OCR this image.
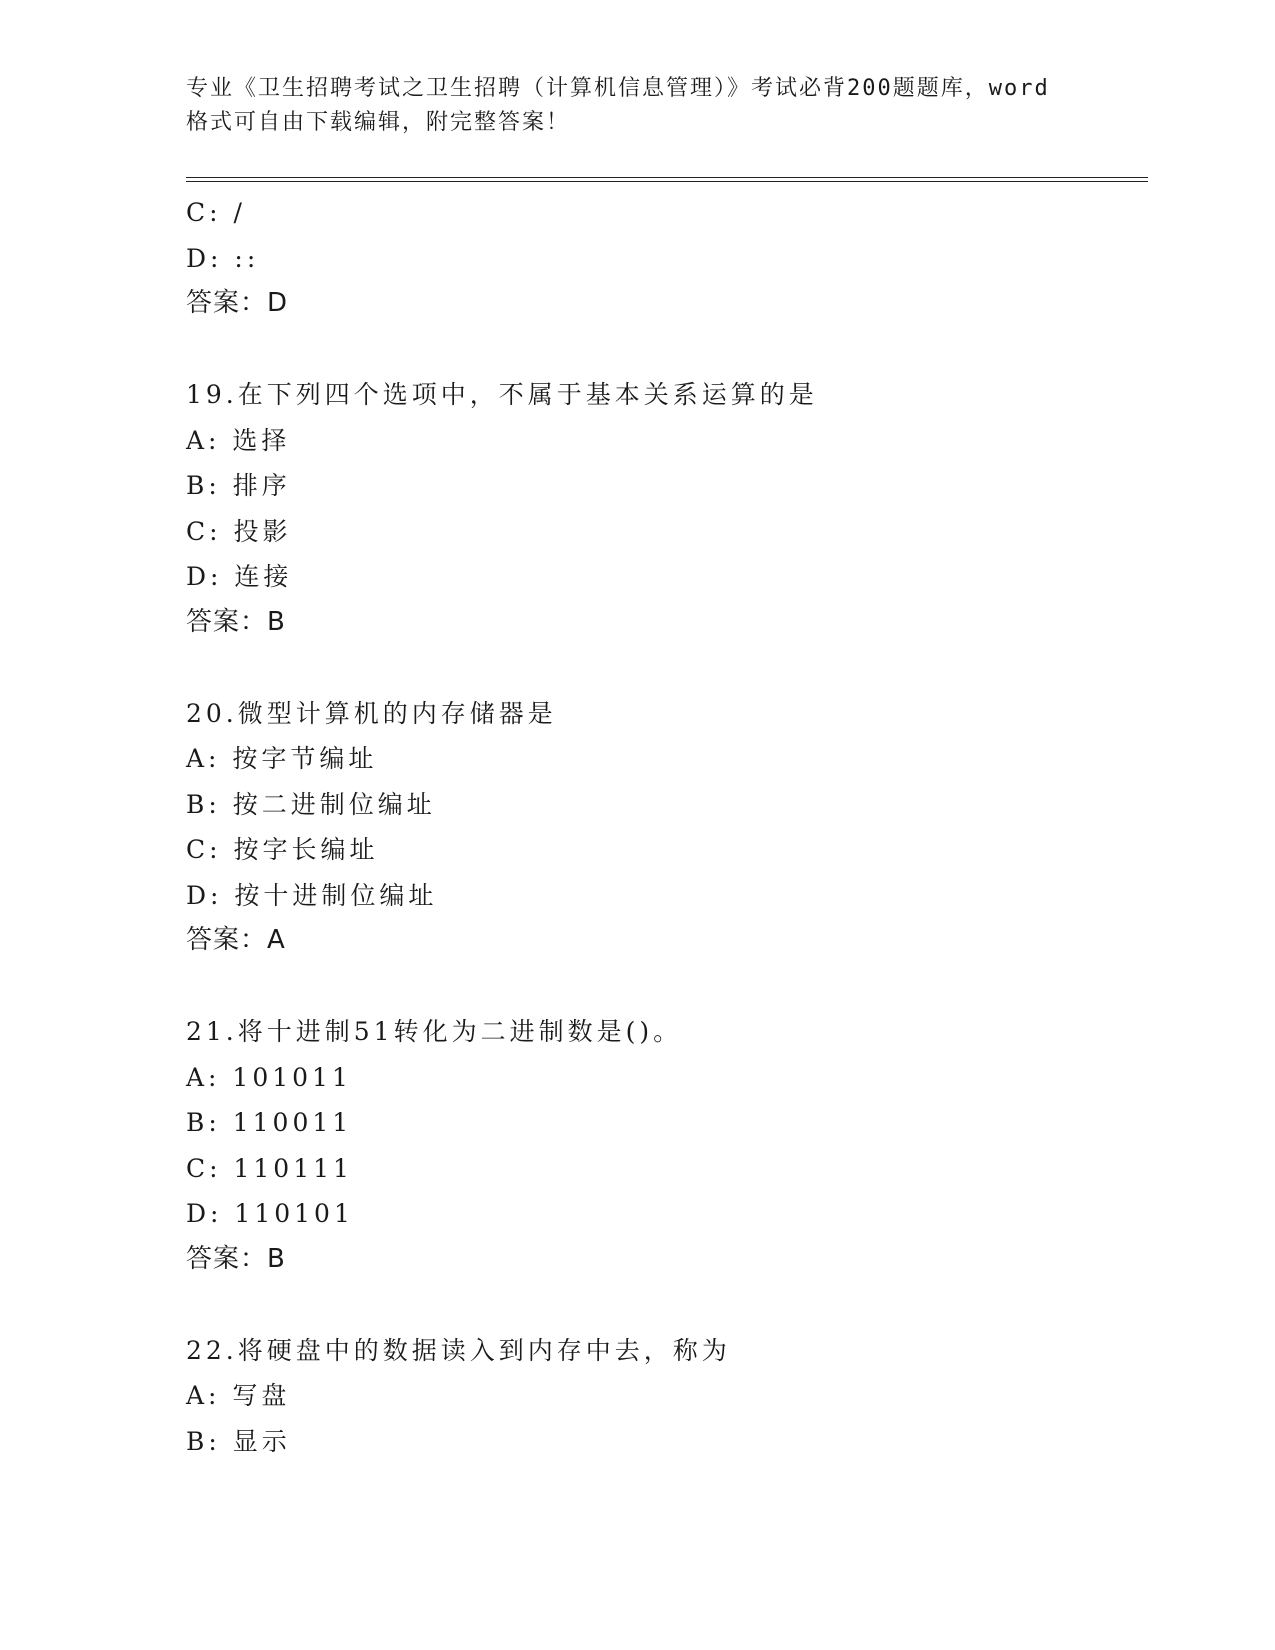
专业《卫生招聘考试之卫生招聘（计算机信息管理）》考试必背200题题库，word
格式可自由下载编辑，附完整答案！
C: /
D: ::
答案：D
19.在下列四个选项中，不属于基本关系运算的是
A: 选择
B: 排序
C: 投影
D: 连接
答案：B
20.微型计算机的内存储器是
A: 按字节编址
B: 按二进制位编址
C: 按字长编址
D: 按十进制位编址
答案：A
21.将十进制51转化为二进制数是()。
A: 101011
B: 110011
C: 110111
D: 110101
答案：B
22.将硬盘中的数据读入到内存中去，称为
A: 写盘
B: 显示
